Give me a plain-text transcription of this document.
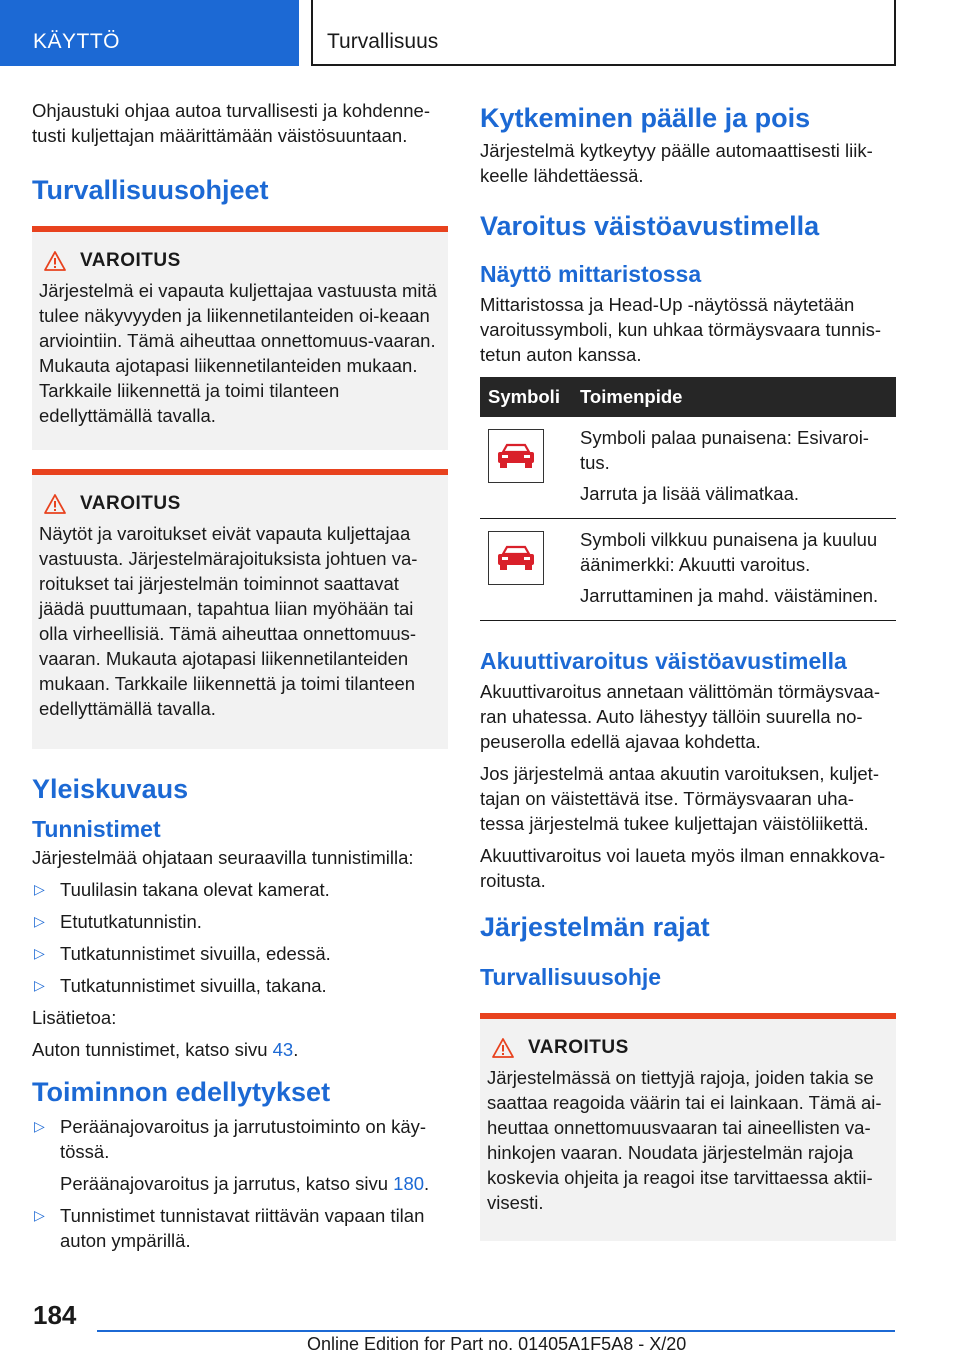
KÄYTTÖ	Turvallisuus

Ohjaustuki ohjaa autoa turvallisesti ja kohdenne-tusti kuljettajan määrittämään väistösuuntaan.

Turvallisuusohjeet
VAROITUS

Järjestelmä ei vapauta kuljettajaa vastuusta mitä tulee näkyvyyden ja liikennetilanteiden oi-keaan arviointiin. Tämä aiheuttaa onnettomuus-vaaran. Mukauta ajotapasi liikennetilanteiden mukaan. Tarkkaile liikennettä ja toimi tilanteen edellyttämällä tavalla.

VAROITUS

Näytöt ja varoitukset eivät vapauta kuljettajaa vastuusta. Järjestelmärajoituksista johtuen va-roitukset tai järjestelmän toiminnot saattavat jäädä puuttumaan, tapahtua liian myöhään tai olla virheellisiä. Tämä aiheuttaa onnettomuus-vaaran. Mukauta ajotapasi liikennetilanteiden mukaan. Tarkkaile liikennettä ja toimi tilanteen edellyttämällä tavalla.

Yleiskuvaus
Tunnistimet

Järjestelmää ohjataan seuraavilla tunnistimilla:

▷ Tuulilasin takana olevat kamerat.

▷ Etututkatunnistin.

▷ Tutkatunnistimet sivuilla, edessä.

▷ Tutkatunnistimet sivuilla, takana.

Lisätietoa:

Auton tunnistimet, katso sivu 43.

Toiminnon edellytykset
▷ Peräänajovaroitus ja jarrutustoiminto on käy-tössä.

Peräänajovaroitus ja jarrutus, katso sivu 180.

▷ Tunnistimet tunnistavat riittävän vapaan tilan auton ympärillä.

Kytkeminen päälle ja pois

Järjestelmä kytkeytyy päälle automaattisesti liik-keelle lähdettäessä.

Varoitus väistöavustimella
Näyttö mittaristossa

Mittaristossa ja Head-Up -näytössä näytetään varoitussymboli, kun uhkaa törmäysvaara tunnis-tetun auton kanssa.

Symboli	Toimenpide

Symboli palaa punaisena: Esivaroi-tus.

Jarruta ja lisää välimatkaa.

Symboli vilkkuu punaisena ja kuuluu äänimerkki: Akuutti varoitus.

Jarruttaminen ja mahd. väistäminen.

Akuuttivaroitus väistöavustimella

Akuuttivaroitus annetaan välittömän törmäysvaa-ran uhatessa. Auto lähestyy tällöin suurella no-peuserolla edellä ajavaa kohdetta.

Jos järjestelmä antaa akuutin varoituksen, kuljet-tajan on väistettävä itse. Törmäysvaaran uha-tessa järjestelmä tukee kuljettajan väistöliikettä.

Akuuttivaroitus voi laueta myös ilman ennakkova-roitusta.

Järjestelmän rajat
Turvallisuusohje
VAROITUS

Järjestelmässä on tiettyjä rajoja, joiden takia se saattaa reagoida väärin tai ei lainkaan. Tämä ai-heuttaa onnettomuusvaaran tai aineellisten va-hinkojen vaaran. Noudata järjestelmän rajoja koskevia ohjeita ja reagoi itse tarvittaessa aktii-visesti.

184
Online Edition for Part no. 01405A1F5A8 - X/20
